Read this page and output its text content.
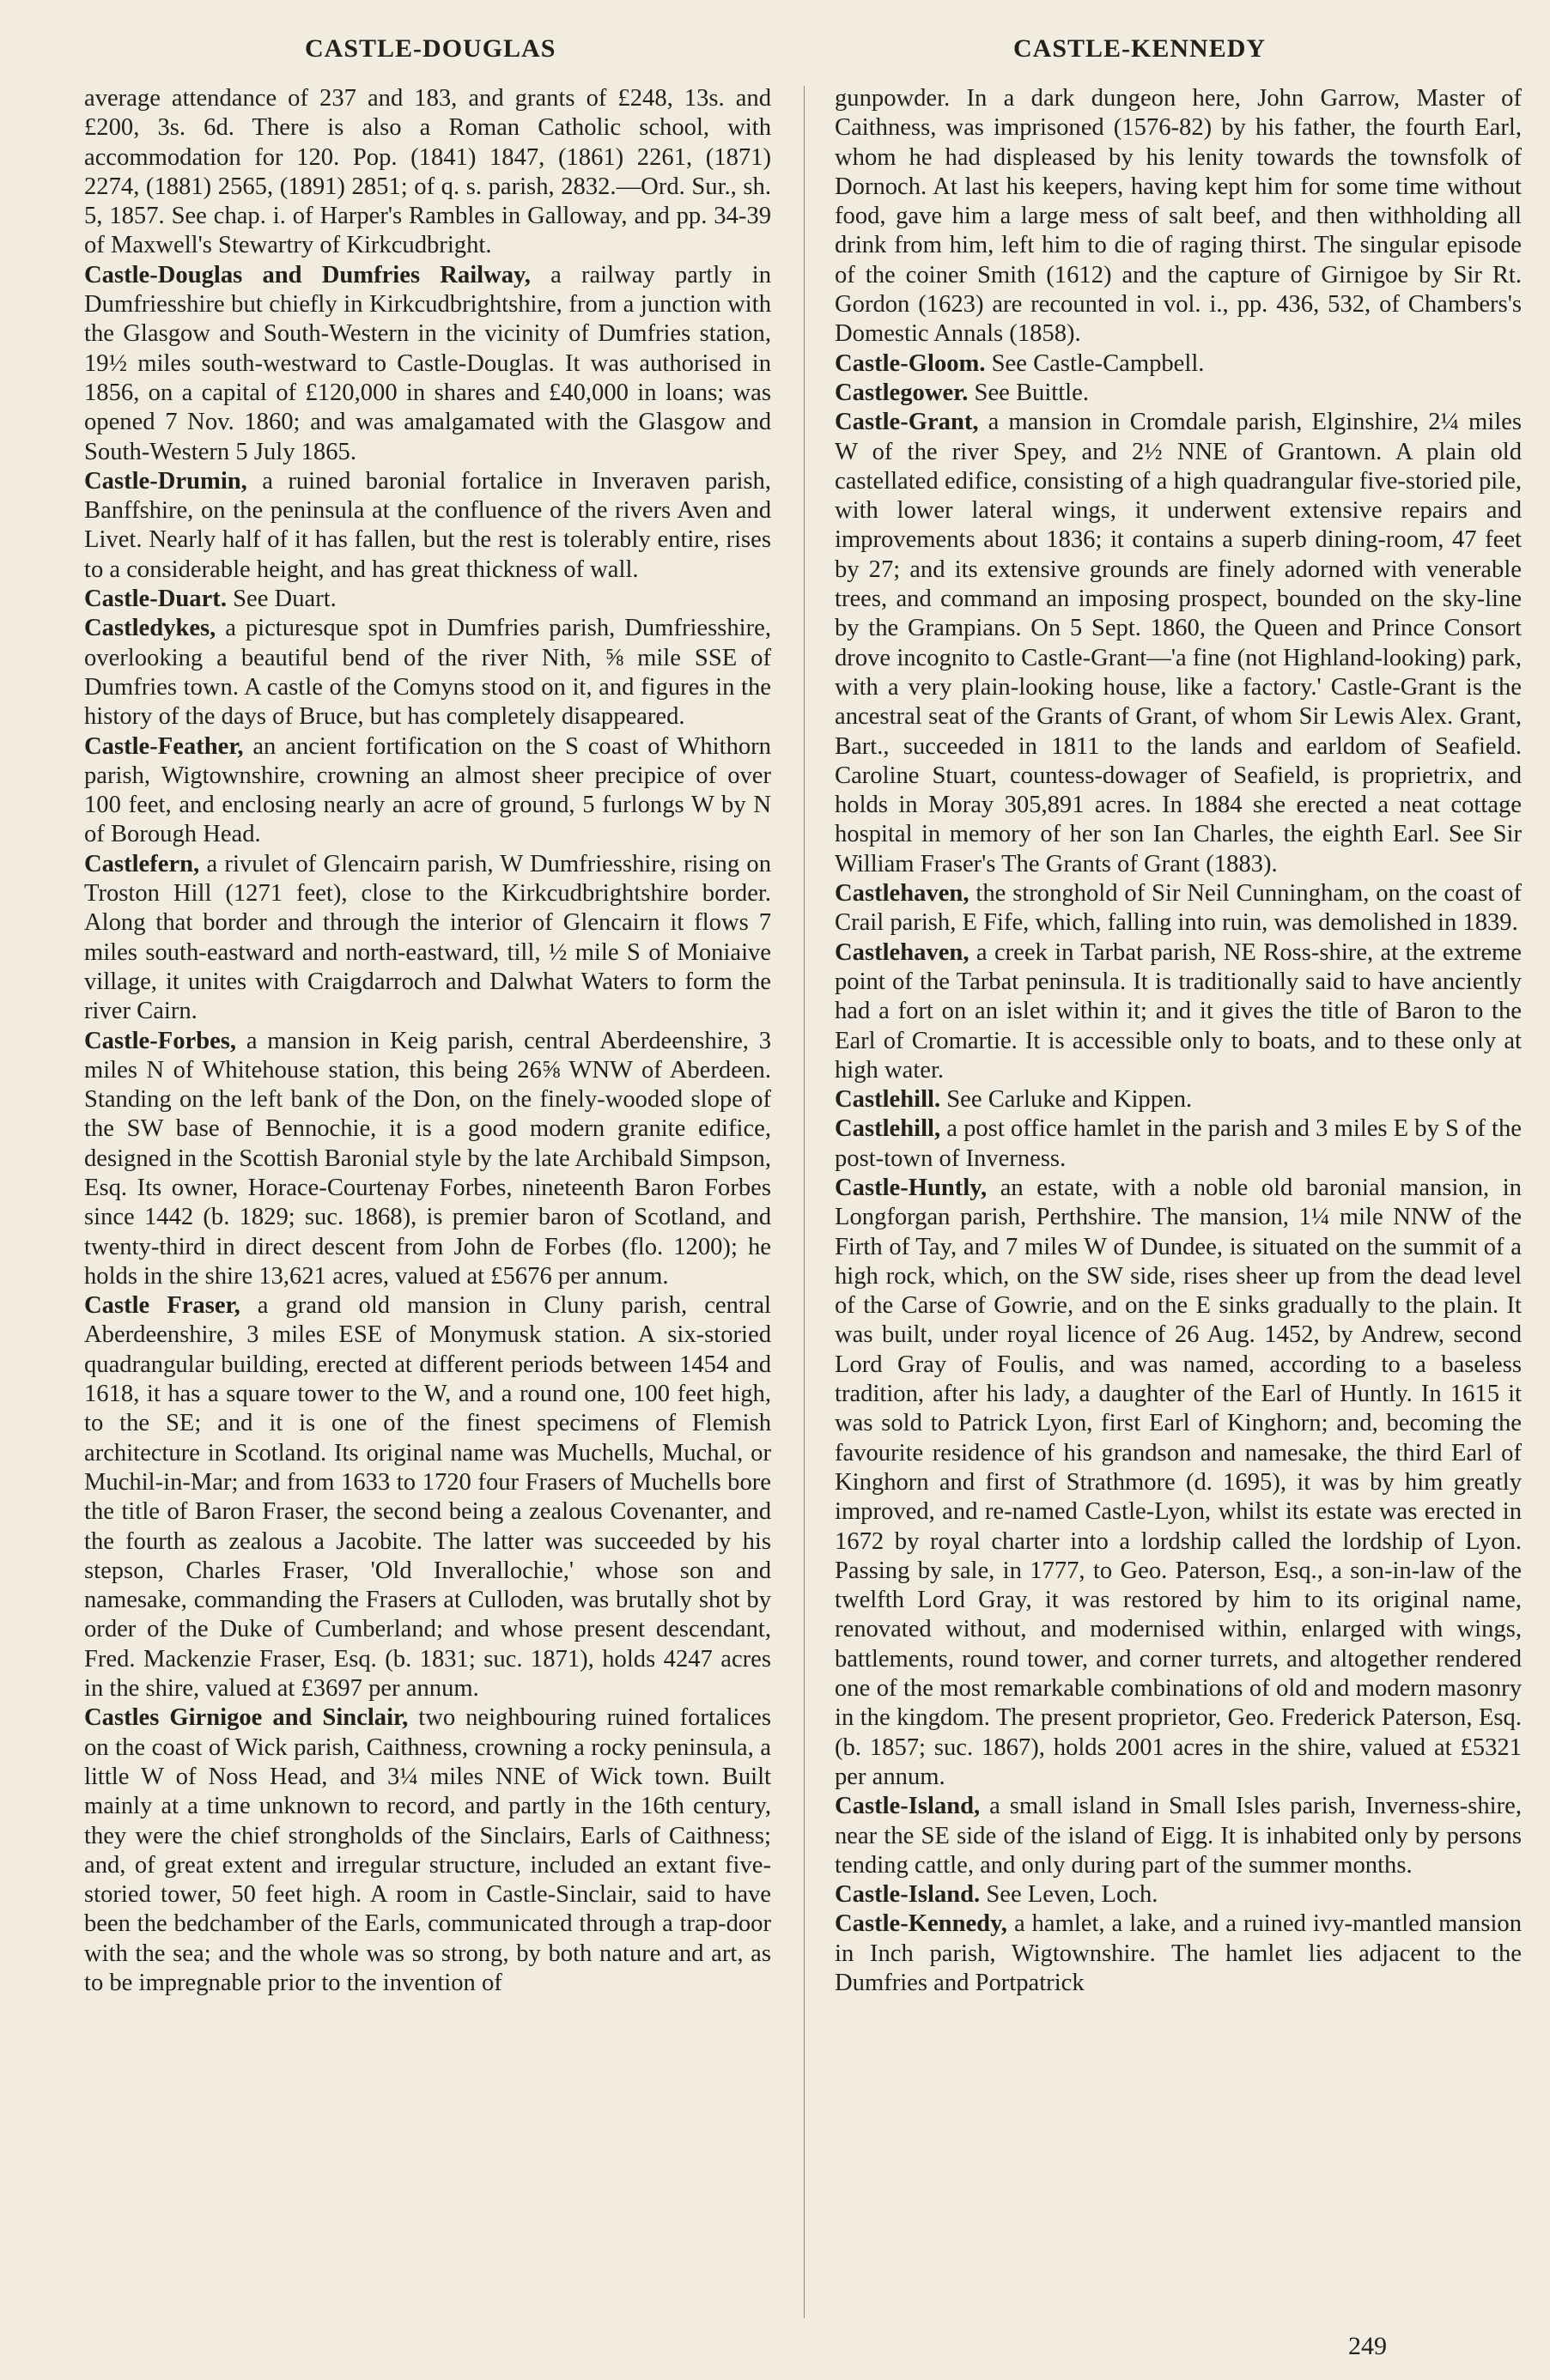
CASTLE-DOUGLAS	CASTLE-KENNEDY

average attendance of 237 and 183, and grants of £248, 13s. and £200, 3s. 6d. There is also a Roman Catholic school, with accommodation for 120. Pop. (1841) 1847, (1861) 2261, (1871) 2274, (1881) 2565, (1891) 2851; of q. s. parish, 2832.—Ord. Sur., sh. 5, 1857. See chap. i. of Harper's Rambles in Galloway, and pp. 34-39 of Maxwell's Stewartry of Kirkcudbright.

Castle-Douglas and Dumfries Railway, a railway partly in Dumfriesshire but chiefly in Kirkcudbrightshire, from a junction with the Glasgow and South-Western in the vicinity of Dumfries station, 19½ miles south-westward to Castle-Douglas. It was authorised in 1856, on a capital of £120,000 in shares and £40,000 in loans; was opened 7 Nov. 1860; and was amalgamated with the Glasgow and South-Western 5 July 1865.

Castle-Drumin, a ruined baronial fortalice in Inveraven parish, Banffshire, on the peninsula at the confluence of the rivers Aven and Livet. Nearly half of it has fallen, but the rest is tolerably entire, rises to a considerable height, and has great thickness of wall.

Castle-Duart. See Duart.

Castledykes, a picturesque spot in Dumfries parish, Dumfriesshire, overlooking a beautiful bend of the river Nith, ⅝ mile SSE of Dumfries town. A castle of the Comyns stood on it, and figures in the history of the days of Bruce, but has completely disappeared.

Castle-Feather, an ancient fortification on the S coast of Whithorn parish, Wigtownshire, crowning an almost sheer precipice of over 100 feet, and enclosing nearly an acre of ground, 5 furlongs W by N of Borough Head.

Castlefern, a rivulet of Glencairn parish, W Dumfriesshire, rising on Troston Hill (1271 feet), close to the Kirkcudbrightshire border. Along that border and through the interior of Glencairn it flows 7 miles south-eastward and north-eastward, till, ½ mile S of Moniaive village, it unites with Craigdarroch and Dalwhat Waters to form the river Cairn.

Castle-Forbes, a mansion in Keig parish, central Aberdeenshire, 3 miles N of Whitehouse station, this being 26⅝ WNW of Aberdeen. Standing on the left bank of the Don, on the finely-wooded slope of the SW base of Bennochie, it is a good modern granite edifice, designed in the Scottish Baronial style by the late Archibald Simpson, Esq. Its owner, Horace-Courtenay Forbes, nineteenth Baron Forbes since 1442 (b. 1829; suc. 1868), is premier baron of Scotland, and twenty-third in direct descent from John de Forbes (flo. 1200); he holds in the shire 13,621 acres, valued at £5676 per annum.

Castle Fraser, a grand old mansion in Cluny parish, central Aberdeenshire, 3 miles ESE of Monymusk station. A six-storied quadrangular building, erected at different periods between 1454 and 1618, it has a square tower to the W, and a round one, 100 feet high, to the SE; and it is one of the finest specimens of Flemish architecture in Scotland. Its original name was Muchells, Muchal, or Muchil-in-Mar; and from 1633 to 1720 four Frasers of Muchells bore the title of Baron Fraser, the second being a zealous Covenanter, and the fourth as zealous a Jacobite. The latter was succeeded by his stepson, Charles Fraser, 'Old Inverallochie,' whose son and namesake, commanding the Frasers at Culloden, was brutally shot by order of the Duke of Cumberland; and whose present descendant, Fred. Mackenzie Fraser, Esq. (b. 1831; suc. 1871), holds 4247 acres in the shire, valued at £3697 per annum.

Castles Girnigoe and Sinclair, two neighbouring ruined fortalices on the coast of Wick parish, Caithness, crowning a rocky peninsula, a little W of Noss Head, and 3¼ miles NNE of Wick town. Built mainly at a time unknown to record, and partly in the 16th century, they were the chief strongholds of the Sinclairs, Earls of Caithness; and, of great extent and irregular structure, included an extant five-storied tower, 50 feet high. A room in Castle-Sinclair, said to have been the bedchamber of the Earls, communicated through a trap-door with the sea; and the whole was so strong, by both nature and art, as to be impregnable prior to the invention of

gunpowder. In a dark dungeon here, John Garrow, Master of Caithness, was imprisoned (1576-82) by his father, the fourth Earl, whom he had displeased by his lenity towards the townsfolk of Dornoch. At last his keepers, having kept him for some time without food, gave him a large mess of salt beef, and then withholding all drink from him, left him to die of raging thirst. The singular episode of the coiner Smith (1612) and the capture of Girnigoe by Sir Rt. Gordon (1623) are recounted in vol. i., pp. 436, 532, of Chambers's Domestic Annals (1858).

Castle-Gloom. See Castle-Campbell.

Castlegower. See Buittle.

Castle-Grant, a mansion in Cromdale parish, Elginshire, 2¼ miles W of the river Spey, and 2½ NNE of Grantown. A plain old castellated edifice, consisting of a high quadrangular five-storied pile, with lower lateral wings, it underwent extensive repairs and improvements about 1836; it contains a superb dining-room, 47 feet by 27; and its extensive grounds are finely adorned with venerable trees, and command an imposing prospect, bounded on the sky-line by the Grampians. On 5 Sept. 1860, the Queen and Prince Consort drove incognito to Castle-Grant—'a fine (not Highland-looking) park, with a very plain-looking house, like a factory.' Castle-Grant is the ancestral seat of the Grants of Grant, of whom Sir Lewis Alex. Grant, Bart., succeeded in 1811 to the lands and earldom of Seafield. Caroline Stuart, countess-dowager of Seafield, is proprietrix, and holds in Moray 305,891 acres. In 1884 she erected a neat cottage hospital in memory of her son Ian Charles, the eighth Earl. See Sir William Fraser's The Grants of Grant (1883).

Castlehaven, the stronghold of Sir Neil Cunningham, on the coast of Crail parish, E Fife, which, falling into ruin, was demolished in 1839.

Castlehaven, a creek in Tarbat parish, NE Ross-shire, at the extreme point of the Tarbat peninsula. It is traditionally said to have anciently had a fort on an islet within it; and it gives the title of Baron to the Earl of Cromartie. It is accessible only to boats, and to these only at high water.

Castlehill. See Carluke and Kippen.

Castlehill, a post office hamlet in the parish and 3 miles E by S of the post-town of Inverness.

Castle-Huntly, an estate, with a noble old baronial mansion, in Longforgan parish, Perthshire. The mansion, 1¼ mile NNW of the Firth of Tay, and 7 miles W of Dundee, is situated on the summit of a high rock, which, on the SW side, rises sheer up from the dead level of the Carse of Gowrie, and on the E sinks gradually to the plain. It was built, under royal licence of 26 Aug. 1452, by Andrew, second Lord Gray of Foulis, and was named, according to a baseless tradition, after his lady, a daughter of the Earl of Huntly. In 1615 it was sold to Patrick Lyon, first Earl of Kinghorn; and, becoming the favourite residence of his grandson and namesake, the third Earl of Kinghorn and first of Strathmore (d. 1695), it was by him greatly improved, and re-named Castle-Lyon, whilst its estate was erected in 1672 by royal charter into a lordship called the lordship of Lyon. Passing by sale, in 1777, to Geo. Paterson, Esq., a son-in-law of the twelfth Lord Gray, it was restored by him to its original name, renovated without, and modernised within, enlarged with wings, battlements, round tower, and corner turrets, and altogether rendered one of the most remarkable combinations of old and modern masonry in the kingdom. The present proprietor, Geo. Frederick Paterson, Esq. (b. 1857; suc. 1867), holds 2001 acres in the shire, valued at £5321 per annum.

Castle-Island, a small island in Small Isles parish, Inverness-shire, near the SE side of the island of Eigg. It is inhabited only by persons tending cattle, and only during part of the summer months.

Castle-Island. See Leven, Loch.

Castle-Kennedy, a hamlet, a lake, and a ruined ivy-mantled mansion in Inch parish, Wigtownshire. The hamlet lies adjacent to the Dumfries and Portpatrick

249
